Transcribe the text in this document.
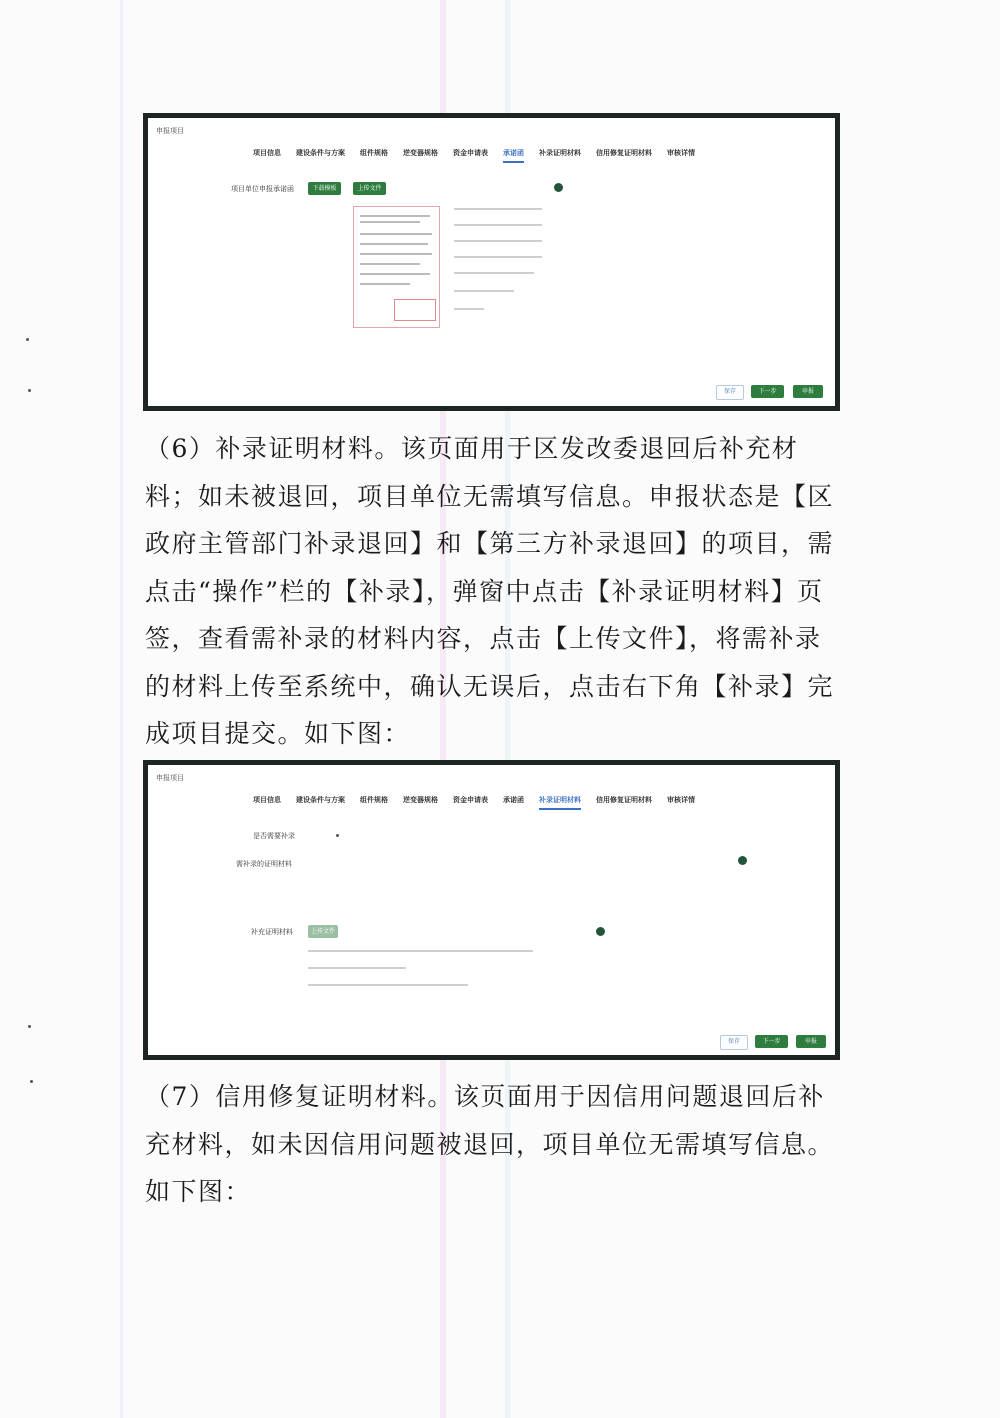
申报项目
项目信息 建设条件与方案 组件规格 逆变器规格 资金申请表 承诺函 补录证明材料 信用修复证明材料 审核详情
项目单位申报承诺函	下载模板	上传文件
保存	下一步	申报

（6）补录证明材料。该页面用于区发改委退回后补充材料；如未被退回，项目单位无需填写信息。申报状态是【区政府主管部门补录退回】和【第三方补录退回】的项目，需点击“操作”栏的【补录】，弹窗中点击【补录证明材料】页签，查看需补录的材料内容，点击【上传文件】，将需补录的材料上传至系统中，确认无误后，点击右下角【补录】完成项目提交。如下图：

申报项目
项目信息 建设条件与方案 组件规格 逆变器规格 资金申请表 承诺函 补录证明材料 信用修复证明材料 审核详情
是否需要补录
需补录的证明材料
补充证明材料	上传文件
保存	下一步	申报

（7）信用修复证明材料。该页面用于因信用问题退回后补充材料，如未因信用问题被退回，项目单位无需填写信息。如下图：
